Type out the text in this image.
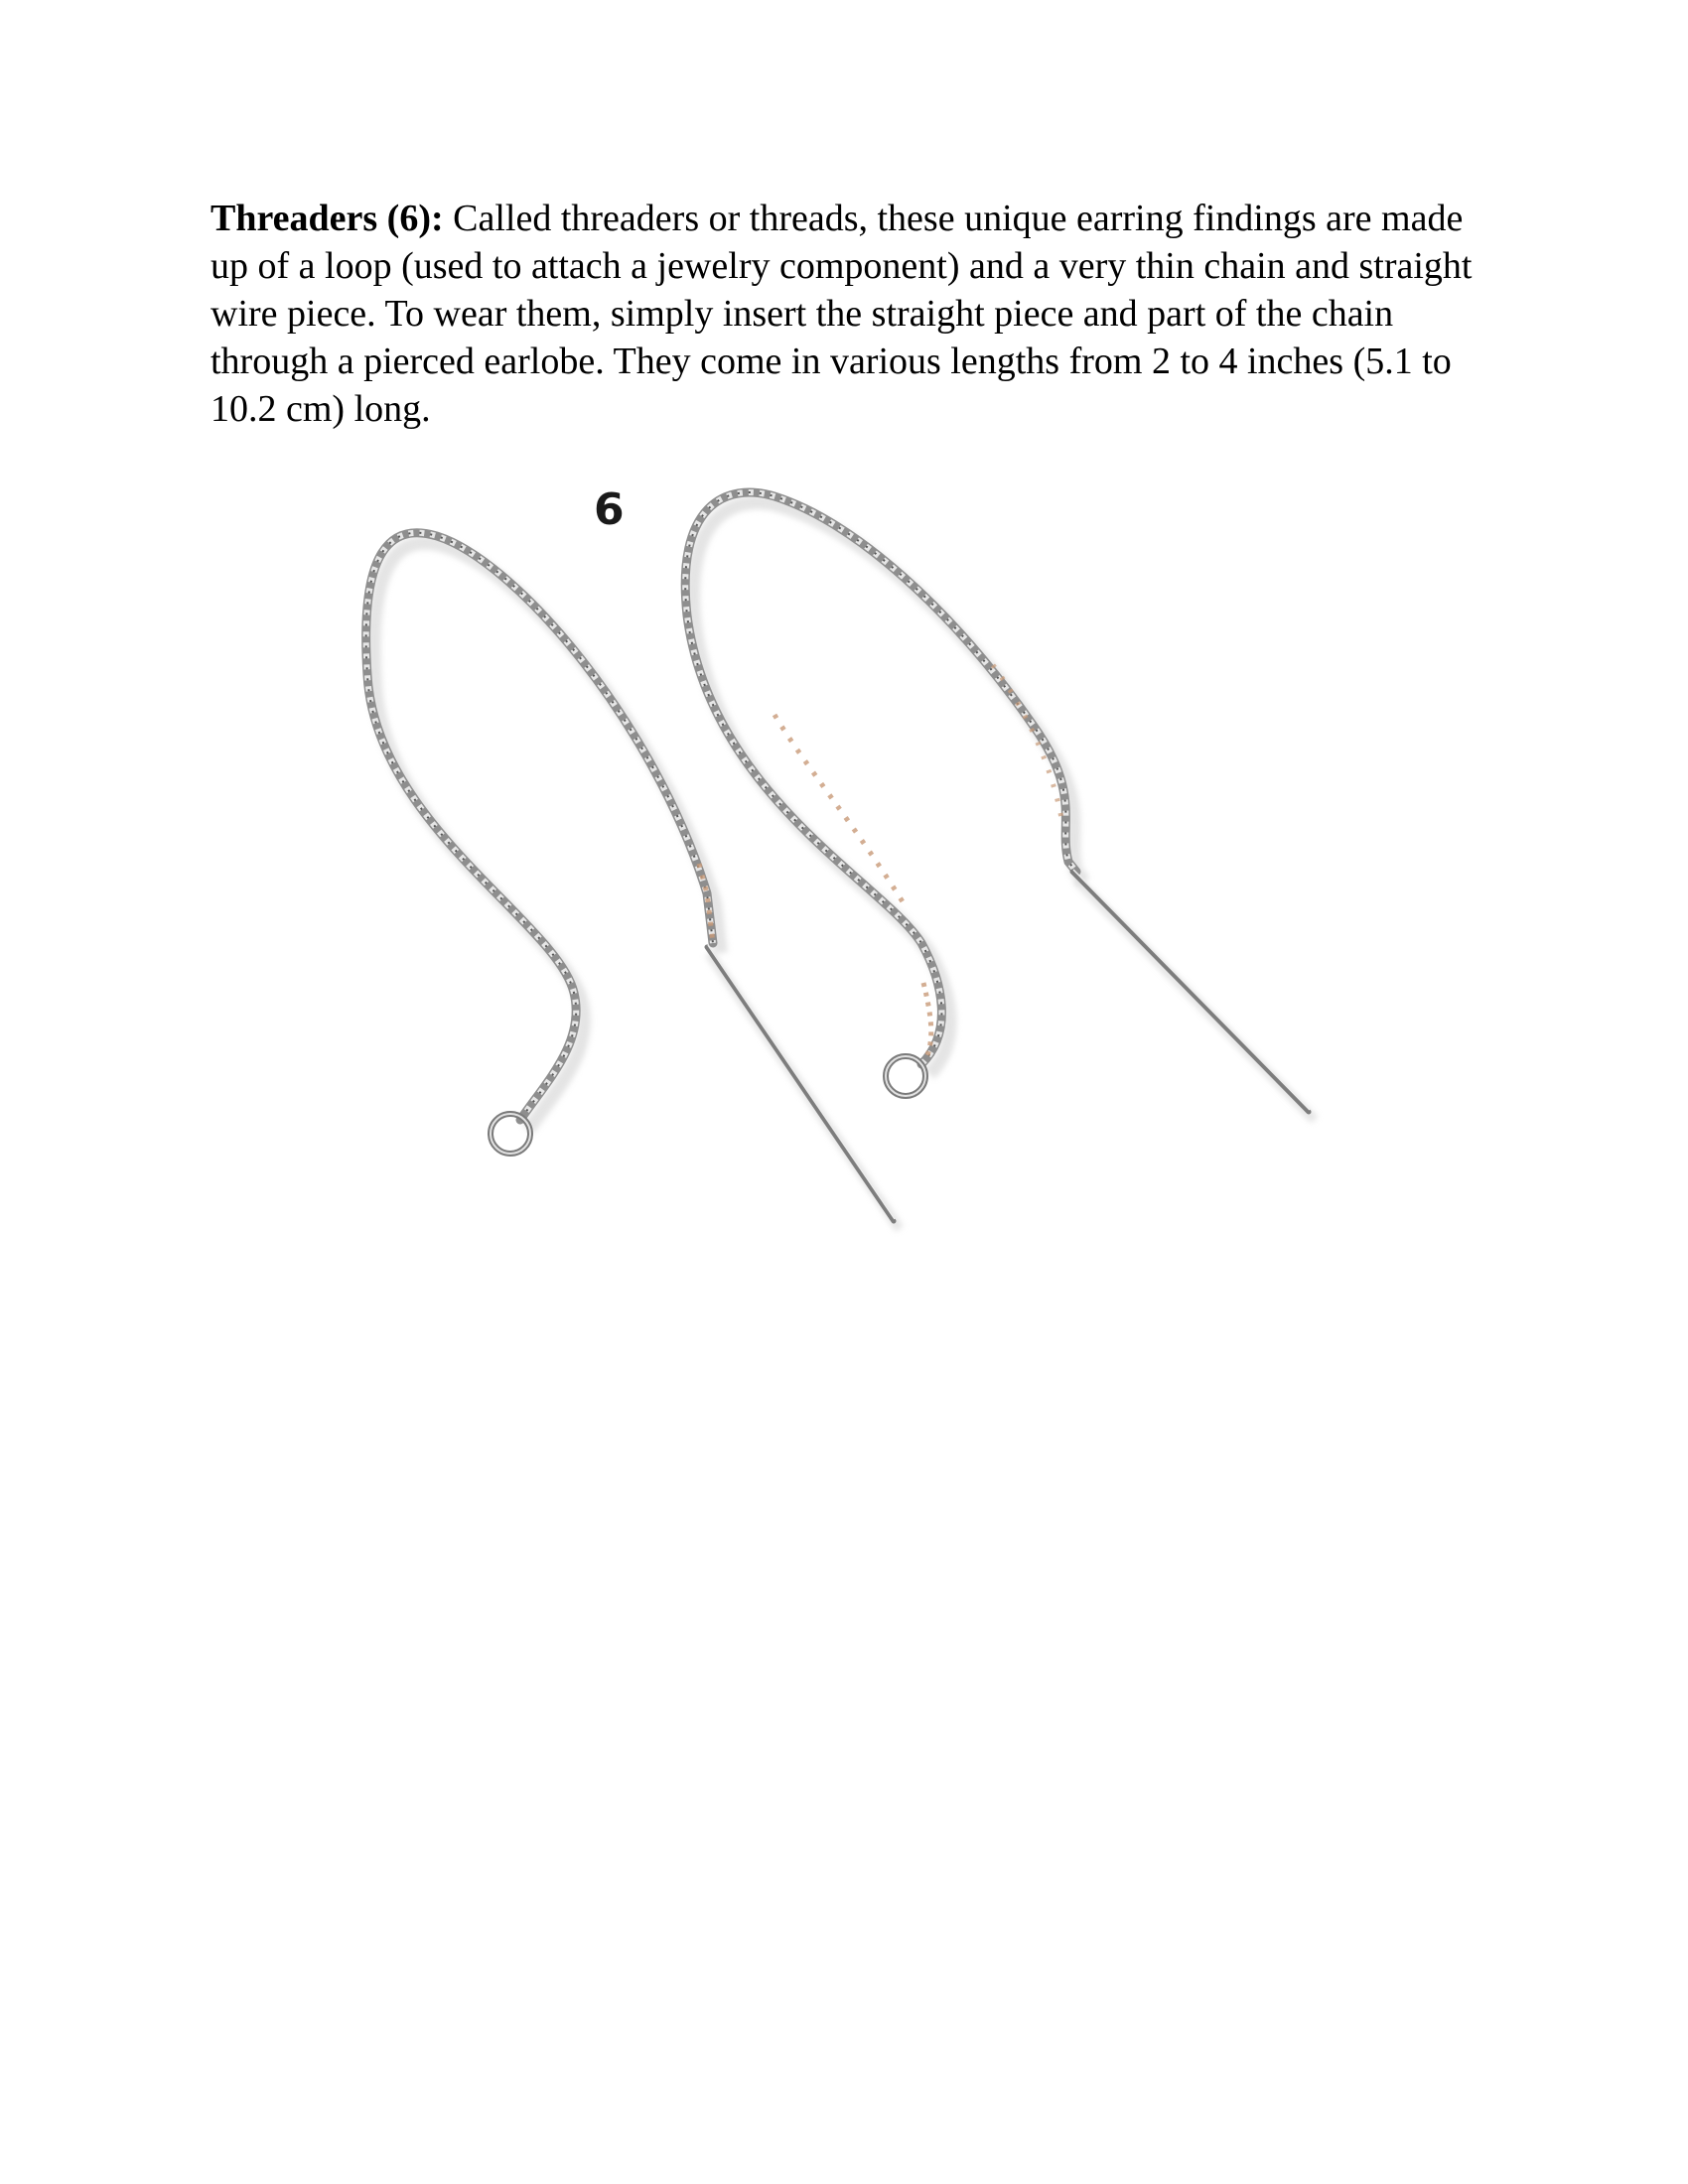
Threaders (6): Called threaders or threads, these unique earring findings are made up of a loop (used to attach a jewelry component) and a very thin chain and straight wire piece. To wear them, simply insert the straight piece and part of the chain through a pierced earlobe. They come in various lengths from 2 to 4 inches (5.1 to 10.2 cm) long.

6
